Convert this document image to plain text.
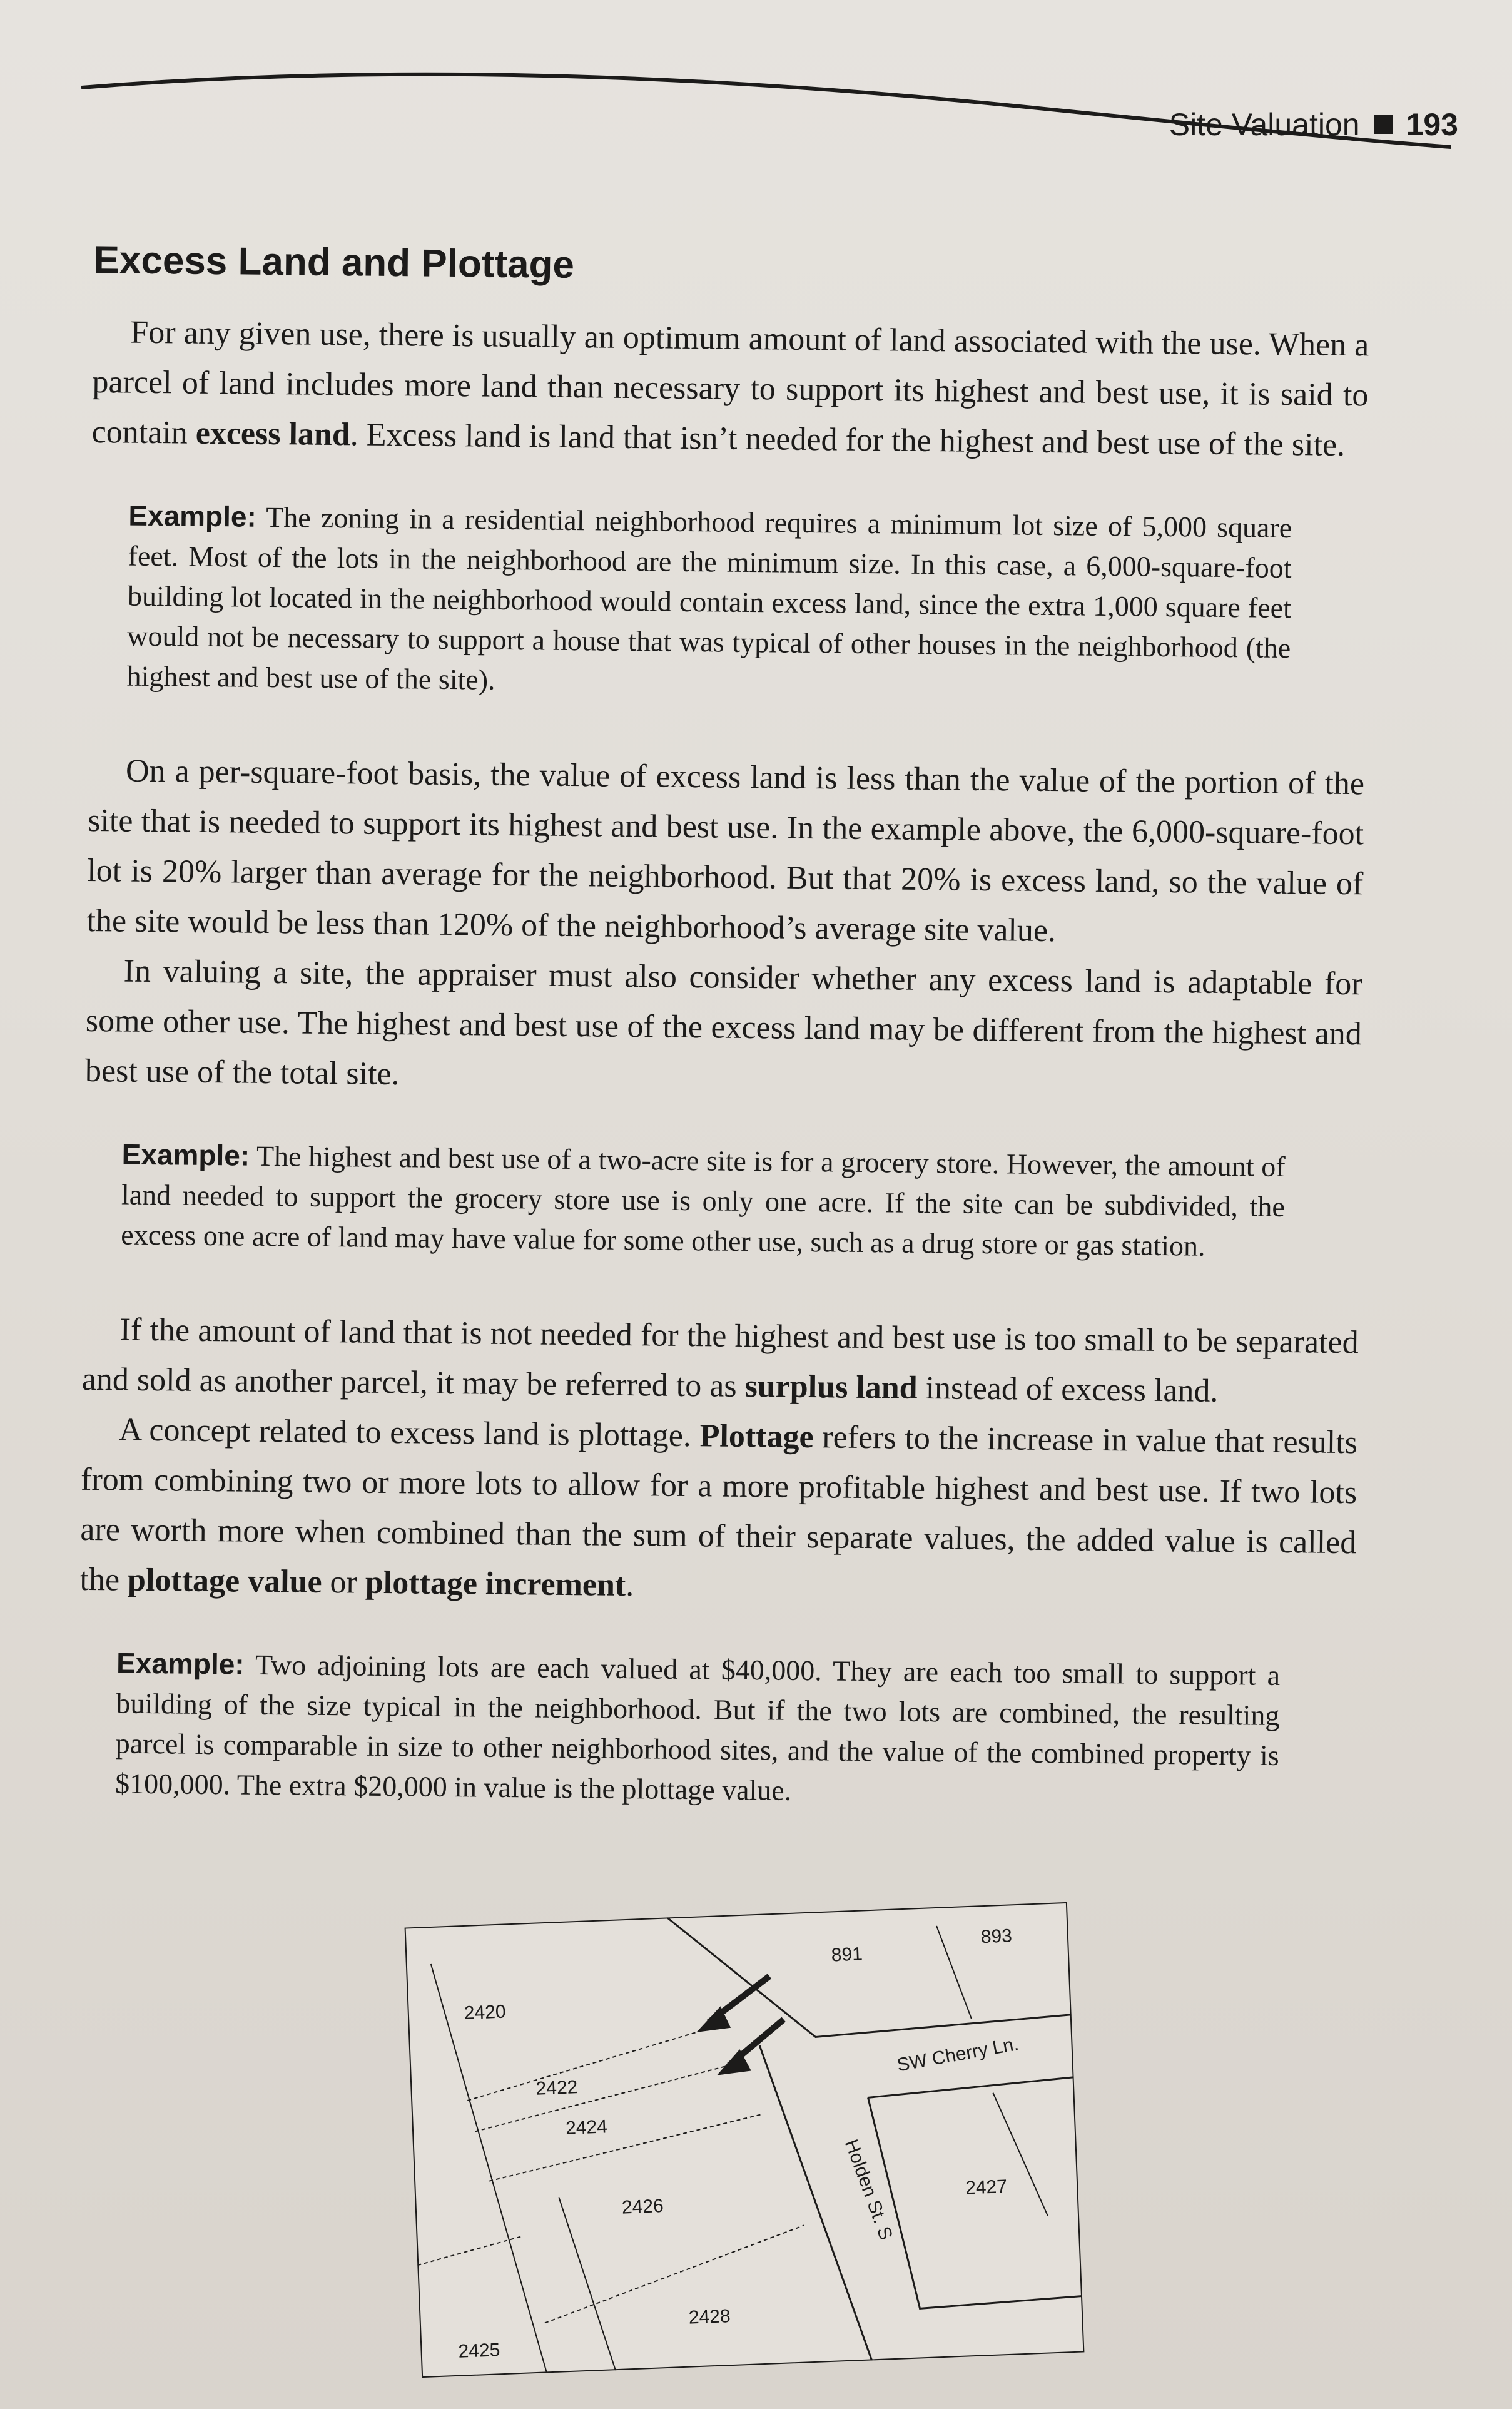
Site Valuation 193
Excess Land and Plottage

For any given use, there is usually an optimum amount of land associated with the use. When a parcel of land includes more land than necessary to support its highest and best use, it is said to contain excess land. Excess land is land that isn’t needed for the highest and best use of the site.

Example: The zoning in a residential neighborhood requires a minimum lot size of 5,000 square feet. Most of the lots in the neighborhood are the minimum size. In this case, a 6,000-square-foot building lot located in the neighborhood would contain excess land, since the extra 1,000 square feet would not be necessary to support a house that was typical of other houses in the neighborhood (the highest and best use of the site).

On a per-square-foot basis, the value of excess land is less than the value of the portion of the site that is needed to support its highest and best use. In the example above, the 6,000-square-foot lot is 20% larger than average for the neighborhood. But that 20% is excess land, so the value of the site would be less than 120% of the neighborhood’s average site value.

In valuing a site, the appraiser must also consider whether any excess land is adaptable for some other use. The highest and best use of the excess land may be different from the highest and best use of the total site.

Example: The highest and best use of a two-acre site is for a grocery store. However, the amount of land needed to support the grocery store use is only one acre. If the site can be subdivided, the excess one acre of land may have value for some other use, such as a drug store or gas station.

If the amount of land that is not needed for the highest and best use is too small to be separated and sold as another parcel, it may be referred to as surplus land instead of excess land.

A concept related to excess land is plottage. Plottage refers to the increase in value that results from combining two or more lots to allow for a more profitable highest and best use. If two lots are worth more when combined than the sum of their separate values, the added value is called the plottage value or plottage increment.

Example: Two adjoining lots are each valued at $40,000. They are each too small to support a building of the size typical in the neighborhood. But if the two lots are combined, the resulting parcel is comparable in size to other neighborhood sites, and the value of the combined property is $100,000. The extra $20,000 in value is the plottage value.
2420
2422
2424
2426
2428
2425
891
893
2427
SW Cherry Ln.
Holden St. S
